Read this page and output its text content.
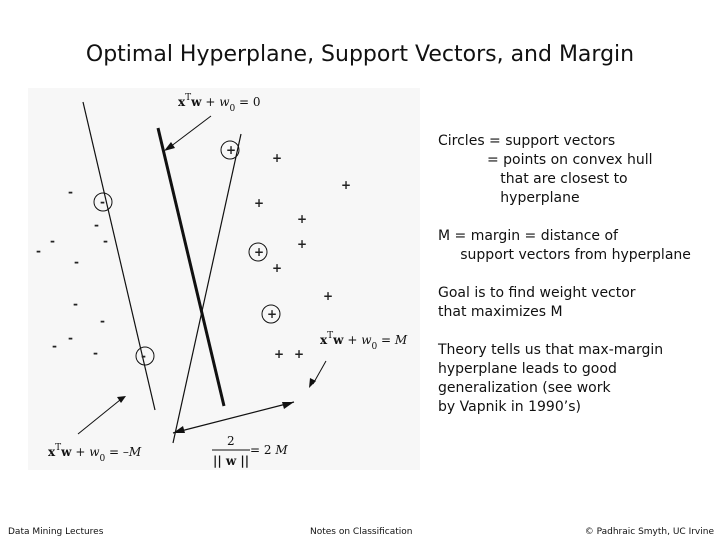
Optimal Hyperplane, Support Vectors, and Margin
+
+
+
+
+
+
+
+
+
+
+ +
-
-
-
-	-
-
-
-
-
-
-	-	-
$x^T_w + w_0$ $^{= 0}$
$x^T_w + w_0$ = M
$x^T_w + w_0$ = –M
2
|| w ||
= 2 M
Circles = support vectors
= points on convex hull
that are closest to
hyperplane
M = margin = distance of
support vectors from hyperplane
Goal is to find weight vector
that maximizes M
Theory tells us that max-margin
hyperplane leads to good
generalization (see work
by Vapnik in 1990’s)
Data Mining Lectures	Notes on Classification	© Padhraic Smyth, UC Irvine
